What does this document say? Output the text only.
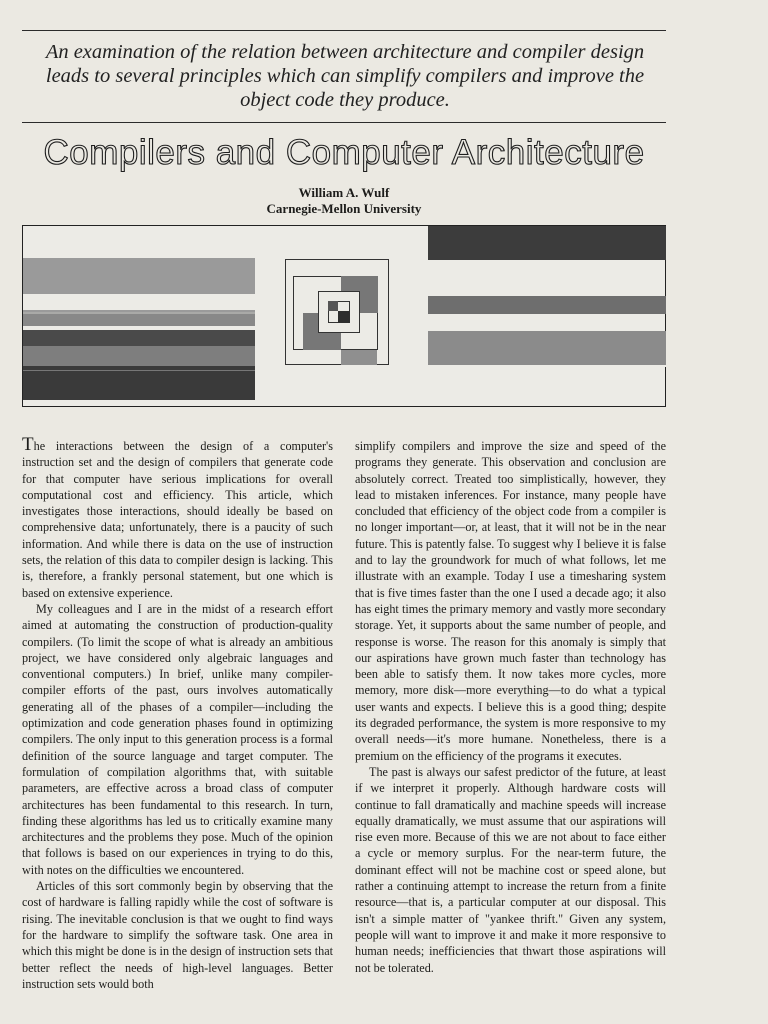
An examination of the relation between architecture and compiler design leads to several principles which can simplify compilers and improve the object code they produce.
Compilers and Computer Architecture
William A. Wulf
Carnegie-Mellon University

The interactions between the design of a computer's instruction set and the design of compilers that generate code for that computer have serious implications for overall computational cost and efficiency. This article, which investigates those interactions, should ideally be based on comprehensive data; unfortunately, there is a paucity of such information. And while there is data on the use of instruction sets, the relation of this data to compiler design is lacking. This is, therefore, a frankly personal statement, but one which is based on extensive experience.

My colleagues and I are in the midst of a research effort aimed at automating the construction of production-quality compilers. (To limit the scope of what is already an ambitious project, we have considered only algebraic languages and conventional computers.) In brief, unlike many compiler-compiler efforts of the past, ours involves automatically generating all of the phases of a compiler—including the optimization and code generation phases found in optimizing compilers. The only input to this generation process is a formal definition of the source language and target computer. The formulation of compilation algorithms that, with suitable parameters, are effective across a broad class of computer architectures has been fundamental to this research. In turn, finding these algorithms has led us to critically examine many architectures and the problems they pose. Much of the opinion that follows is based on our experiences in trying to do this, with notes on the difficulties we encountered.

Articles of this sort commonly begin by observing that the cost of hardware is falling rapidly while the cost of software is rising. The inevitable conclusion is that we ought to find ways for the hardware to simplify the software task. One area in which this might be done is in the design of instruction sets that better reflect the needs of high-level languages. Better instruction sets would both

simplify compilers and improve the size and speed of the programs they generate. This observation and conclusion are absolutely correct. Treated too simplistically, however, they lead to mistaken inferences. For instance, many people have concluded that efficiency of the object code from a compiler is no longer important—or, at least, that it will not be in the near future. This is patently false. To suggest why I believe it is false and to lay the groundwork for much of what follows, let me illustrate with an example. Today I use a timesharing system that is five times faster than the one I used a decade ago; it also has eight times the primary memory and vastly more secondary storage. Yet, it supports about the same number of people, and response is worse. The reason for this anomaly is simply that our aspirations have grown much faster than technology has been able to satisfy them. It now takes more cycles, more memory, more disk—more everything—to do what a typical user wants and expects. I believe this is a good thing; despite its degraded performance, the system is more responsive to my overall needs—it's more humane. Nonetheless, there is a premium on the efficiency of the programs it executes.

The past is always our safest predictor of the future, at least if we interpret it properly. Although hardware costs will continue to fall dramatically and machine speeds will increase equally dramatically, we must assume that our aspirations will rise even more. Because of this we are not about to face either a cycle or memory surplus. For the near-term future, the dominant effect will not be machine cost or speed alone, but rather a continuing attempt to increase the return from a finite resource—that is, a particular computer at our disposal. This isn't a simple matter of "yankee thrift." Given any system, people will want to improve it and make it more responsive to human needs; inefficiencies that thwart those aspirations will not be tolerated.
